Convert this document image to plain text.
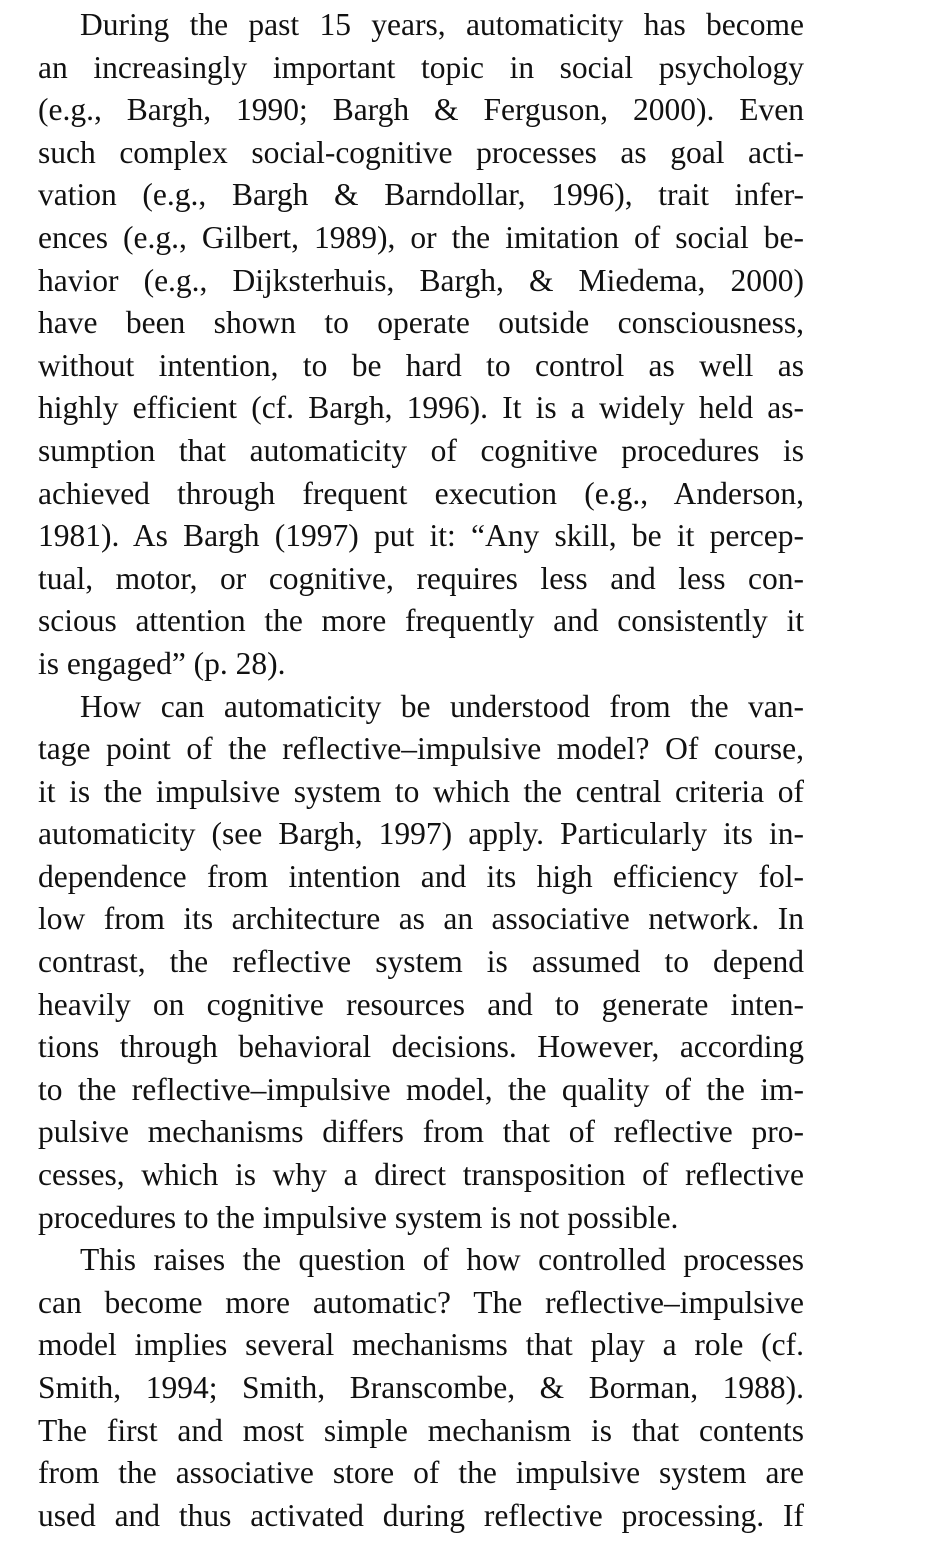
During the past 15 years, automaticity has become
an increasingly important topic in social psychology
(e.g., Bargh, 1990; Bargh & Ferguson, 2000). Even
such complex social-cognitive processes as goal acti-
vation (e.g., Bargh & Barndollar, 1996), trait infer-
ences (e.g., Gilbert, 1989), or the imitation of social be-
havior (e.g., Dijksterhuis, Bargh, & Miedema, 2000)
have been shown to operate outside consciousness,
without intention, to be hard to control as well as
highly efficient (cf. Bargh, 1996). It is a widely held as-
sumption that automaticity of cognitive procedures is
achieved through frequent execution (e.g., Anderson,
1981). As Bargh (1997) put it: “Any skill, be it percep-
tual, motor, or cognitive, requires less and less con-
scious attention the more frequently and consistently it
is engaged” (p. 28).
How can automaticity be understood from the van-
tage point of the reflective–impulsive model? Of course,
it is the impulsive system to which the central criteria of
automaticity (see Bargh, 1997) apply. Particularly its in-
dependence from intention and its high efficiency fol-
low from its architecture as an associative network. In
contrast, the reflective system is assumed to depend
heavily on cognitive resources and to generate inten-
tions through behavioral decisions. However, according
to the reflective–impulsive model, the quality of the im-
pulsive mechanisms differs from that of reflective pro-
cesses, which is why a direct transposition of reflective
procedures to the impulsive system is not possible.
This raises the question of how controlled processes
can become more automatic? The reflective–impulsive
model implies several mechanisms that play a role (cf.
Smith, 1994; Smith, Branscombe, & Borman, 1988).
The first and most simple mechanism is that contents
from the associative store of the impulsive system are
used and thus activated during reflective processing. If
